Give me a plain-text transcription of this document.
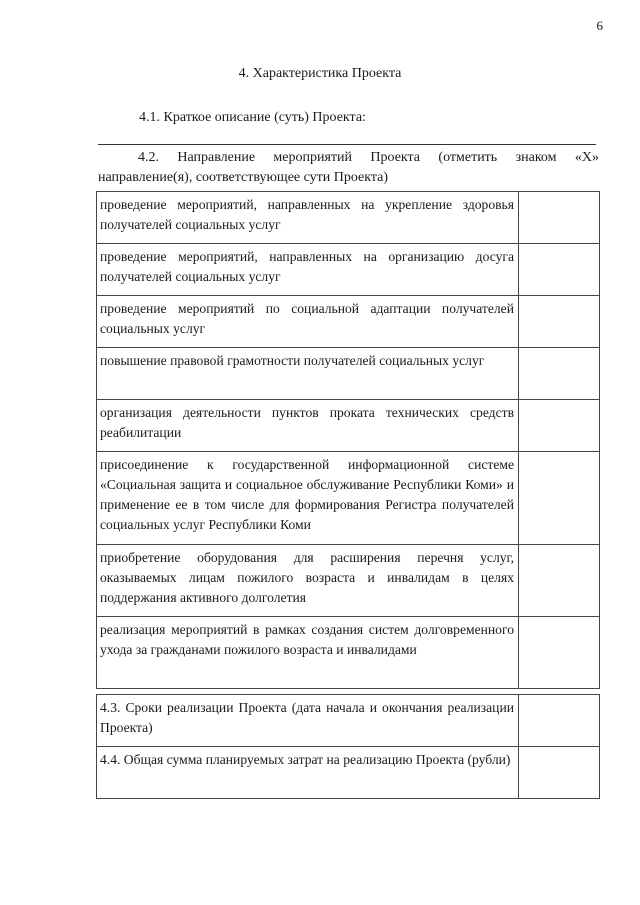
6
4. Характеристика Проекта
4.1. Краткое описание (суть) Проекта:
4.2. Направление мероприятий Проекта (отметить знаком «Х»
направление(я), соответствующее сути Проекта)
проведение мероприятий, направленных на укрепление здоровья получателей социальных услуг	
проведение мероприятий, направленных на организацию досуга получателей социальных услуг	
проведение мероприятий по социальной адаптации получателей социальных услуг	
повышение правовой грамотности получателей социальных услуг	
организация деятельности пунктов проката технических средств реабилитации	
присоединение к государственной информационной системе «Социальная защита и социальное обслуживание Республики Коми» и применение ее в том числе для формирования Регистра получателей социальных услуг Республики Коми	
приобретение оборудования для расширения перечня услуг, оказываемых лицам пожилого возраста и инвалидам в целях поддержания активного долголетия	
реализация мероприятий в рамках создания систем долговременного ухода за гражданами пожилого возраста и инвалидами	
4.3. Сроки реализации Проекта (дата начала и окончания реализации Проекта)	
4.4. Общая сумма планируемых затрат на реализацию Проекта (рубли)	
